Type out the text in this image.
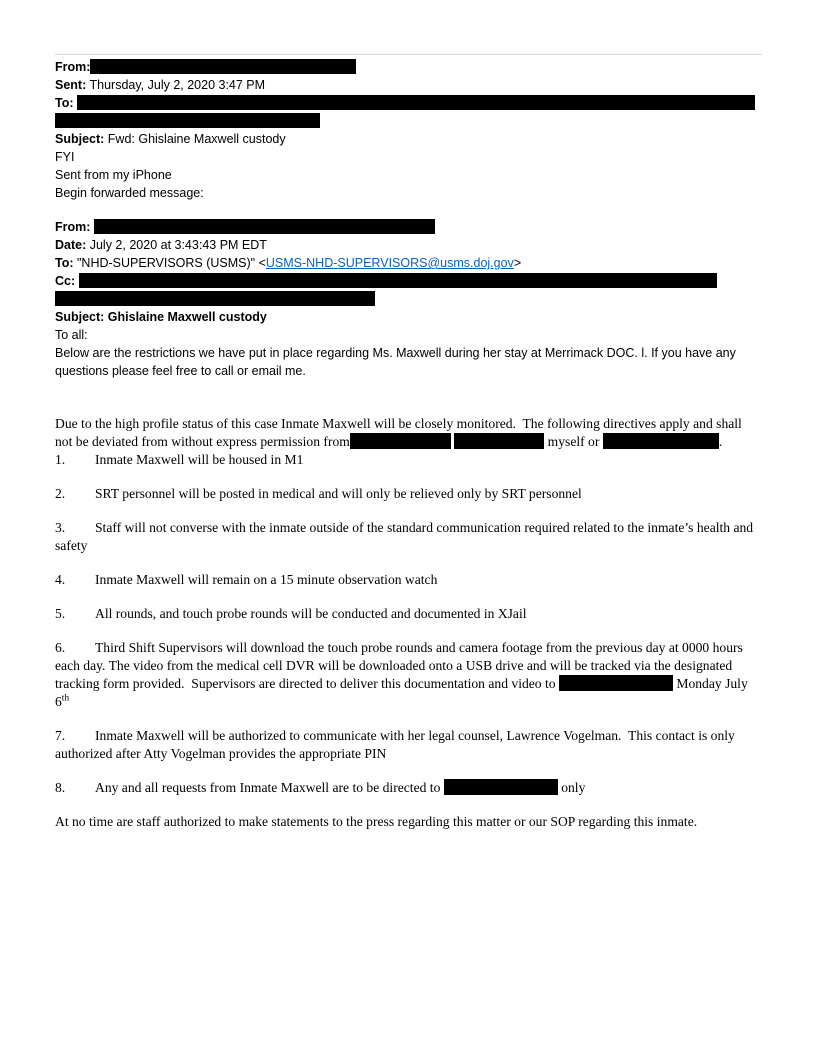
From:

Sent: Thursday, July 2, 2020 3:47 PM

To:

Subject: Fwd: Ghislaine Maxwell custody

FYI

Sent from my iPhone

Begin forwarded message:

From:

Date: July 2, 2020 at 3:43:43 PM EDT

To: "NHD-SUPERVISORS (USMS)" <USMS-NHD-SUPERVISORS@usms.doj.gov>

Cc:

Subject: Ghislaine Maxwell custody

To all:

Below are the restrictions we have put in place regarding Ms. Maxwell during her stay at Merrimack DOC. l. If you have any questions please feel free to call or email me.

Due to the high profile status of this case Inmate Maxwell will be closely monitored.  The following directives apply and shall not be deviated from without express permission from	myself or	.

1. Inmate Maxwell will be housed in M1

2. SRT personnel will be posted in medical and will only be relieved only by SRT personnel

3. Staff will not converse with the inmate outside of the standard communication required related to the inmate’s health and safety

4. Inmate Maxwell will remain on a 15 minute observation watch

5. All rounds, and touch probe rounds will be conducted and documented in XJail

6. Third Shift Supervisors will download the touch probe rounds and camera footage from the previous day at 0000 hours each day. The video from the medical cell DVR will be downloaded onto a USB drive and will be tracked via the designated tracking form provided.  Supervisors are directed to deliver this documentation and video to	Monday July 6th

7. Inmate Maxwell will be authorized to communicate with her legal counsel, Lawrence Vogelman.  This contact is only authorized after Atty Vogelman provides the appropriate PIN

8. Any and all requests from Inmate Maxwell are to be directed to	only

At no time are staff authorized to make statements to the press regarding this matter or our SOP regarding this inmate.
